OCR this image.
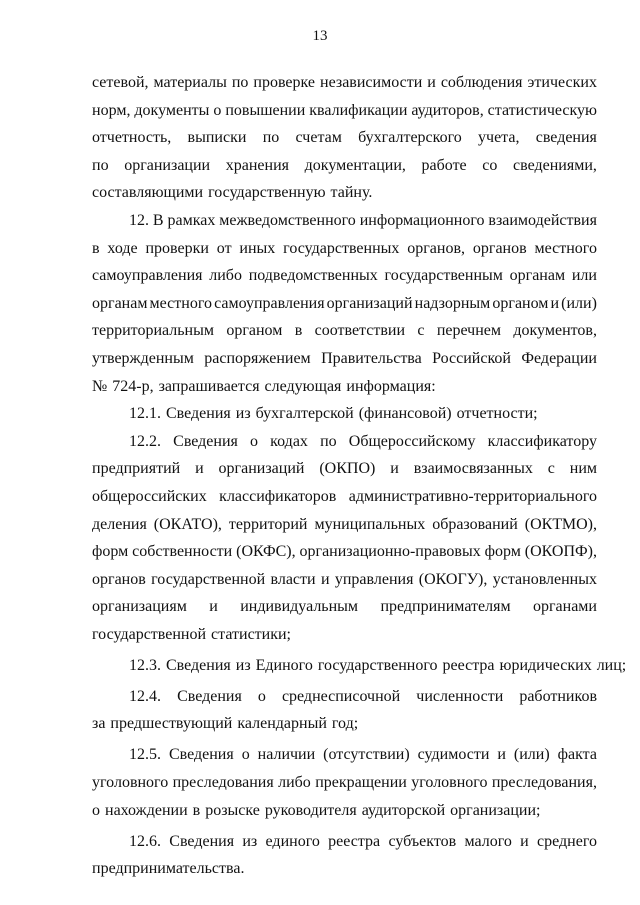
13
сетевой, материалы по проверке независимости и соблюдения этических
норм, документы о повышении квалификации аудиторов, статистическую
отчетность, выписки по счетам бухгалтерского учета, сведения
по организации хранения документации, работе со сведениями,
составляющими государственную тайну.
12. В рамках межведомственного информационного взаимодействия
в ходе проверки от иных государственных органов, органов местного
самоуправления либо подведомственных государственным органам или
органам местного самоуправления организаций надзорным органом и (или)
территориальным органом в соответствии с перечнем документов,
утвержденным распоряжением Правительства Российской Федерации
№ 724-р, запрашивается следующая информация:
12.1. Сведения из бухгалтерской (финансовой) отчетности;
12.2. Сведения о кодах по Общероссийскому классификатору
предприятий и организаций (ОКПО) и взаимосвязанных с ним
общероссийских классификаторов административно-территориального
деления (ОКАТО), территорий муниципальных образований (ОКТМО),
форм собственности (ОКФС), организационно-правовых форм (ОКОПФ),
органов государственной власти и управления (ОКОГУ), установленных
организациям и индивидуальным предпринимателям органами
государственной статистики;
12.3. Сведения из Единого государственного реестра юридических лиц;
12.4. Сведения о среднесписочной численности работников
за предшествующий календарный год;
12.5. Сведения о наличии (отсутствии) судимости и (или) факта
уголовного преследования либо прекращении уголовного преследования,
о нахождении в розыске руководителя аудиторской организации;
12.6. Сведения из единого реестра субъектов малого и среднего
предпринимательства.
